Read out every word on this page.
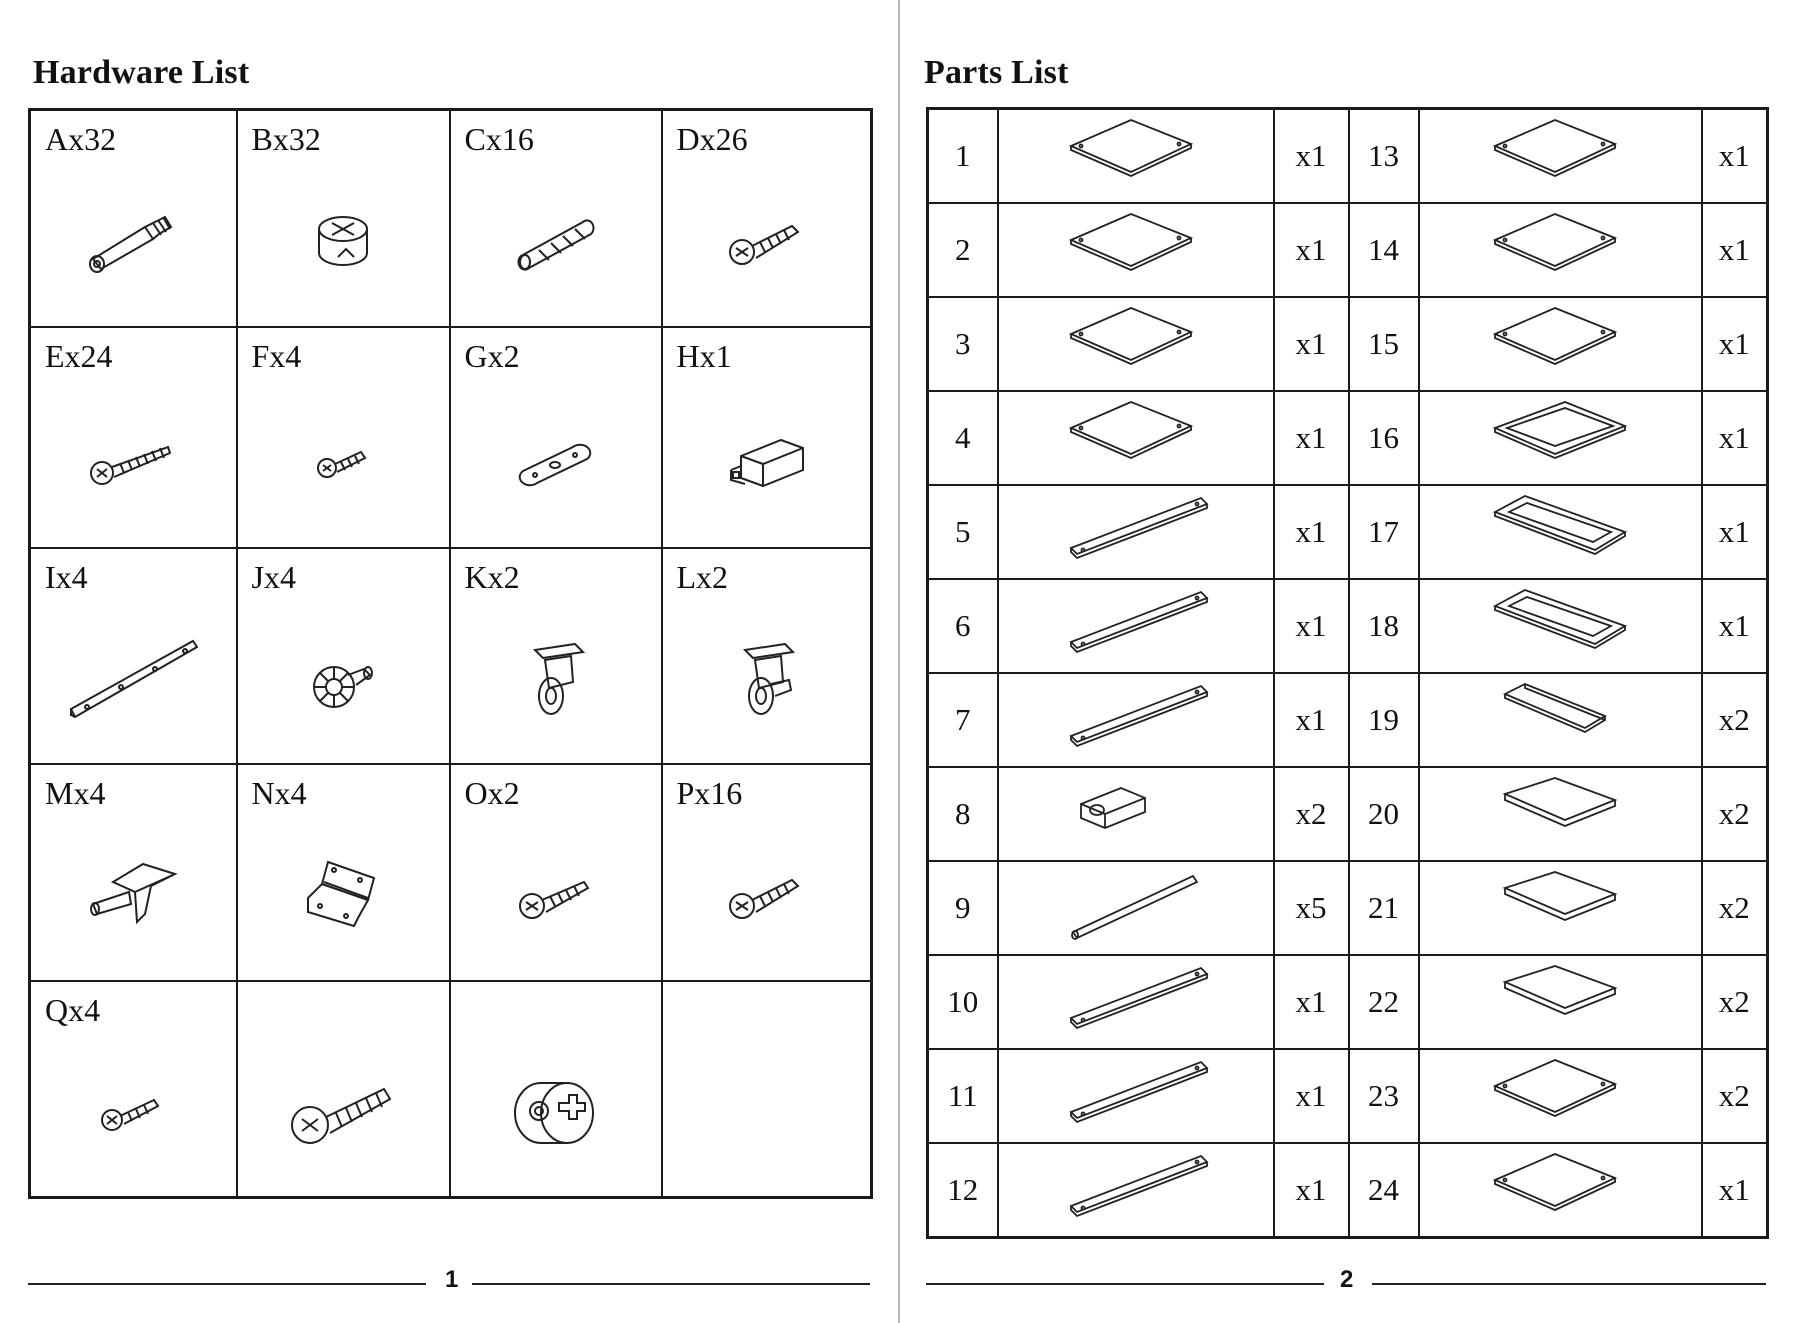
Hardware List
Ax32	Bx32	Cx16	Dx26

Ex24	Fx4	Gx2	Hx1

Ix4	Jx4	Kx2	Lx2

Mx4	Nx4	Ox2	Px16

Qx4

1
Parts List
1		x1	13		x1
2		x1	14		x1
3		x1	15		x1
4		x1	16		x1
5		x1	17		x1
6		x1	18		x1
7		x1	19		x2
8		x2	20		x2
9		x5	21		x2
10		x1	22		x2
11		x1	23		x2
12		x1	24		x1
2
